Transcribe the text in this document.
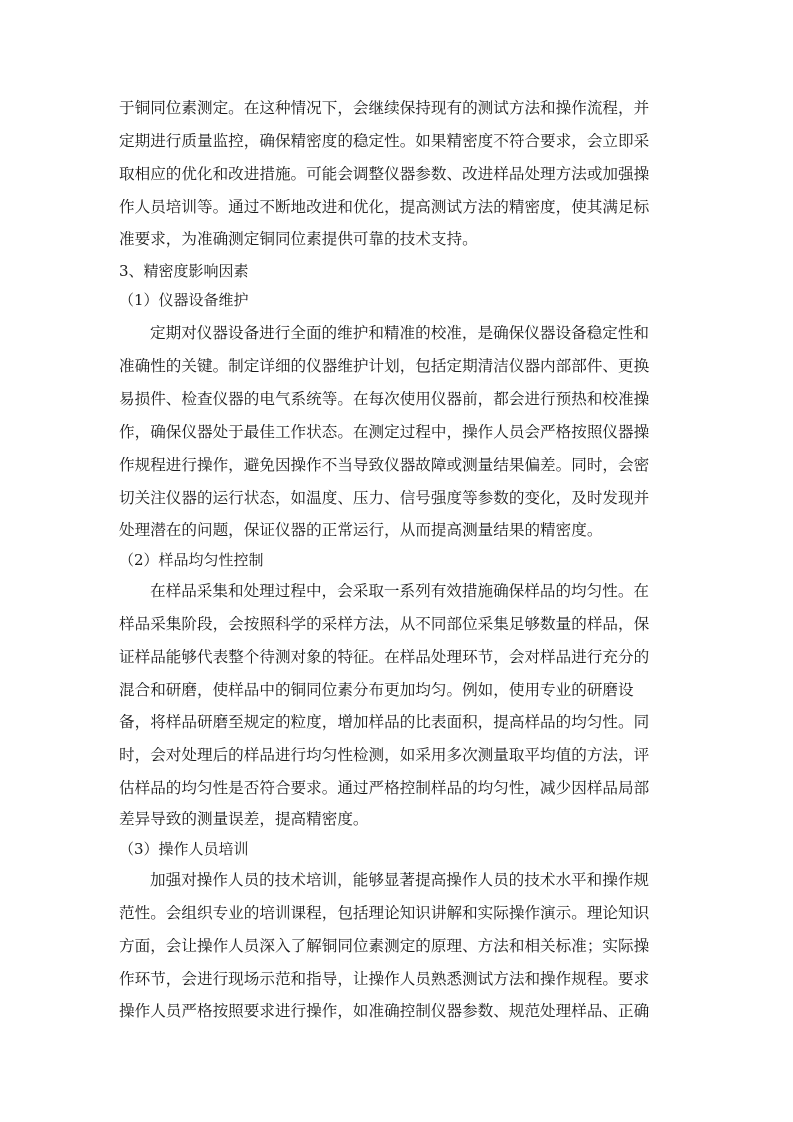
于铜同位素测定。在这种情况下，会继续保持现有的测试方法和操作流程，并
定期进行质量监控，确保精密度的稳定性。如果精密度不符合要求，会立即采
取相应的优化和改进措施。可能会调整仪器参数、改进样品处理方法或加强操
作人员培训等。通过不断地改进和优化，提高测试方法的精密度，使其满足标
准要求，为准确测定铜同位素提供可靠的技术支持。
3、精密度影响因素
（1）仪器设备维护
定期对仪器设备进行全面的维护和精准的校准，是确保仪器设备稳定性和
准确性的关键。制定详细的仪器维护计划，包括定期清洁仪器内部部件、更换
易损件、检查仪器的电气系统等。在每次使用仪器前，都会进行预热和校准操
作，确保仪器处于最佳工作状态。在测定过程中，操作人员会严格按照仪器操
作规程进行操作，避免因操作不当导致仪器故障或测量结果偏差。同时，会密
切关注仪器的运行状态，如温度、压力、信号强度等参数的变化，及时发现并
处理潜在的问题，保证仪器的正常运行，从而提高测量结果的精密度。
（2）样品均匀性控制
在样品采集和处理过程中，会采取一系列有效措施确保样品的均匀性。在
样品采集阶段，会按照科学的采样方法，从不同部位采集足够数量的样品，保
证样品能够代表整个待测对象的特征。在样品处理环节，会对样品进行充分的
混合和研磨，使样品中的铜同位素分布更加均匀。例如，使用专业的研磨设
备，将样品研磨至规定的粒度，增加样品的比表面积，提高样品的均匀性。同
时，会对处理后的样品进行均匀性检测，如采用多次测量取平均值的方法，评
估样品的均匀性是否符合要求。通过严格控制样品的均匀性，减少因样品局部
差异导致的测量误差，提高精密度。
（3）操作人员培训
加强对操作人员的技术培训，能够显著提高操作人员的技术水平和操作规
范性。会组织专业的培训课程，包括理论知识讲解和实际操作演示。理论知识
方面，会让操作人员深入了解铜同位素测定的原理、方法和相关标准；实际操
作环节，会进行现场示范和指导，让操作人员熟悉测试方法和操作规程。要求
操作人员严格按照要求进行操作，如准确控制仪器参数、规范处理样品、正确
